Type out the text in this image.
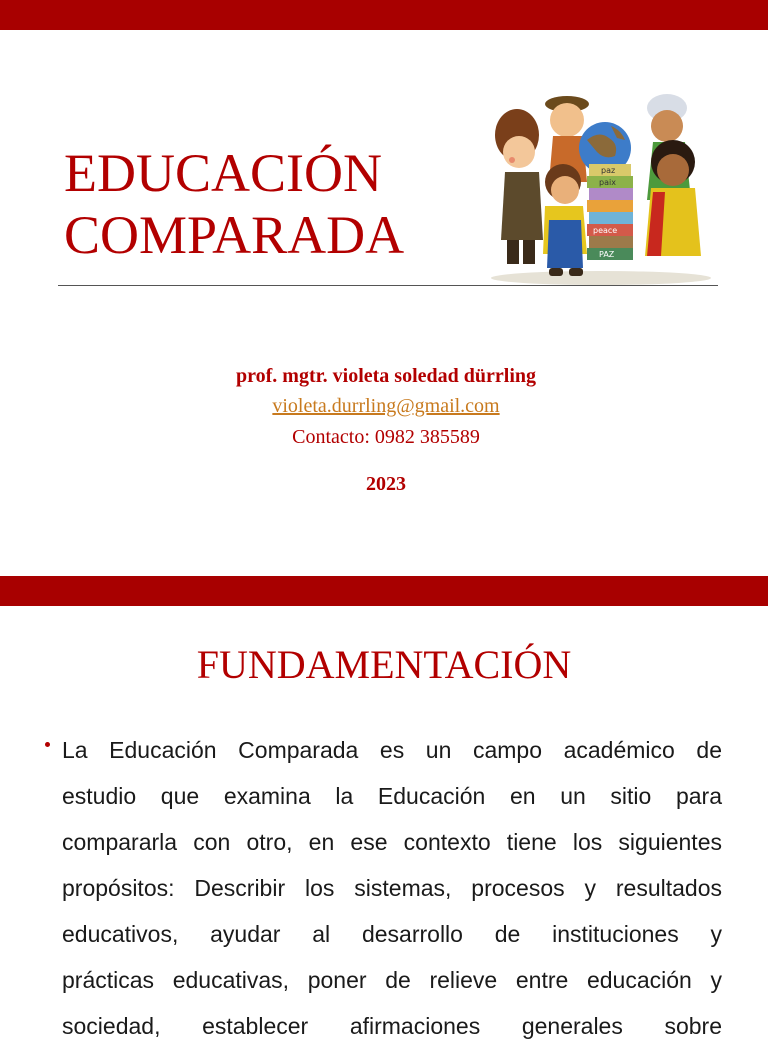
EDUCACIÓN
COMPARADA
paz
paix
peace
PAZ
prof. mgtr. violeta soledad dürrling
violeta.durrling@gmail.com
Contacto: 0982 385589
2023
FUNDAMENTACIÓN

La Educación Comparada es un campo académico de
estudio que examina la Educación en un sitio para
compararla con otro, en ese contexto tiene los siguientes
propósitos: Describir los sistemas, procesos y resultados
educativos, ayudar al desarrollo de instituciones y
prácticas educativas, poner de relieve entre educación y
sociedad, establecer afirmaciones generales sobre
